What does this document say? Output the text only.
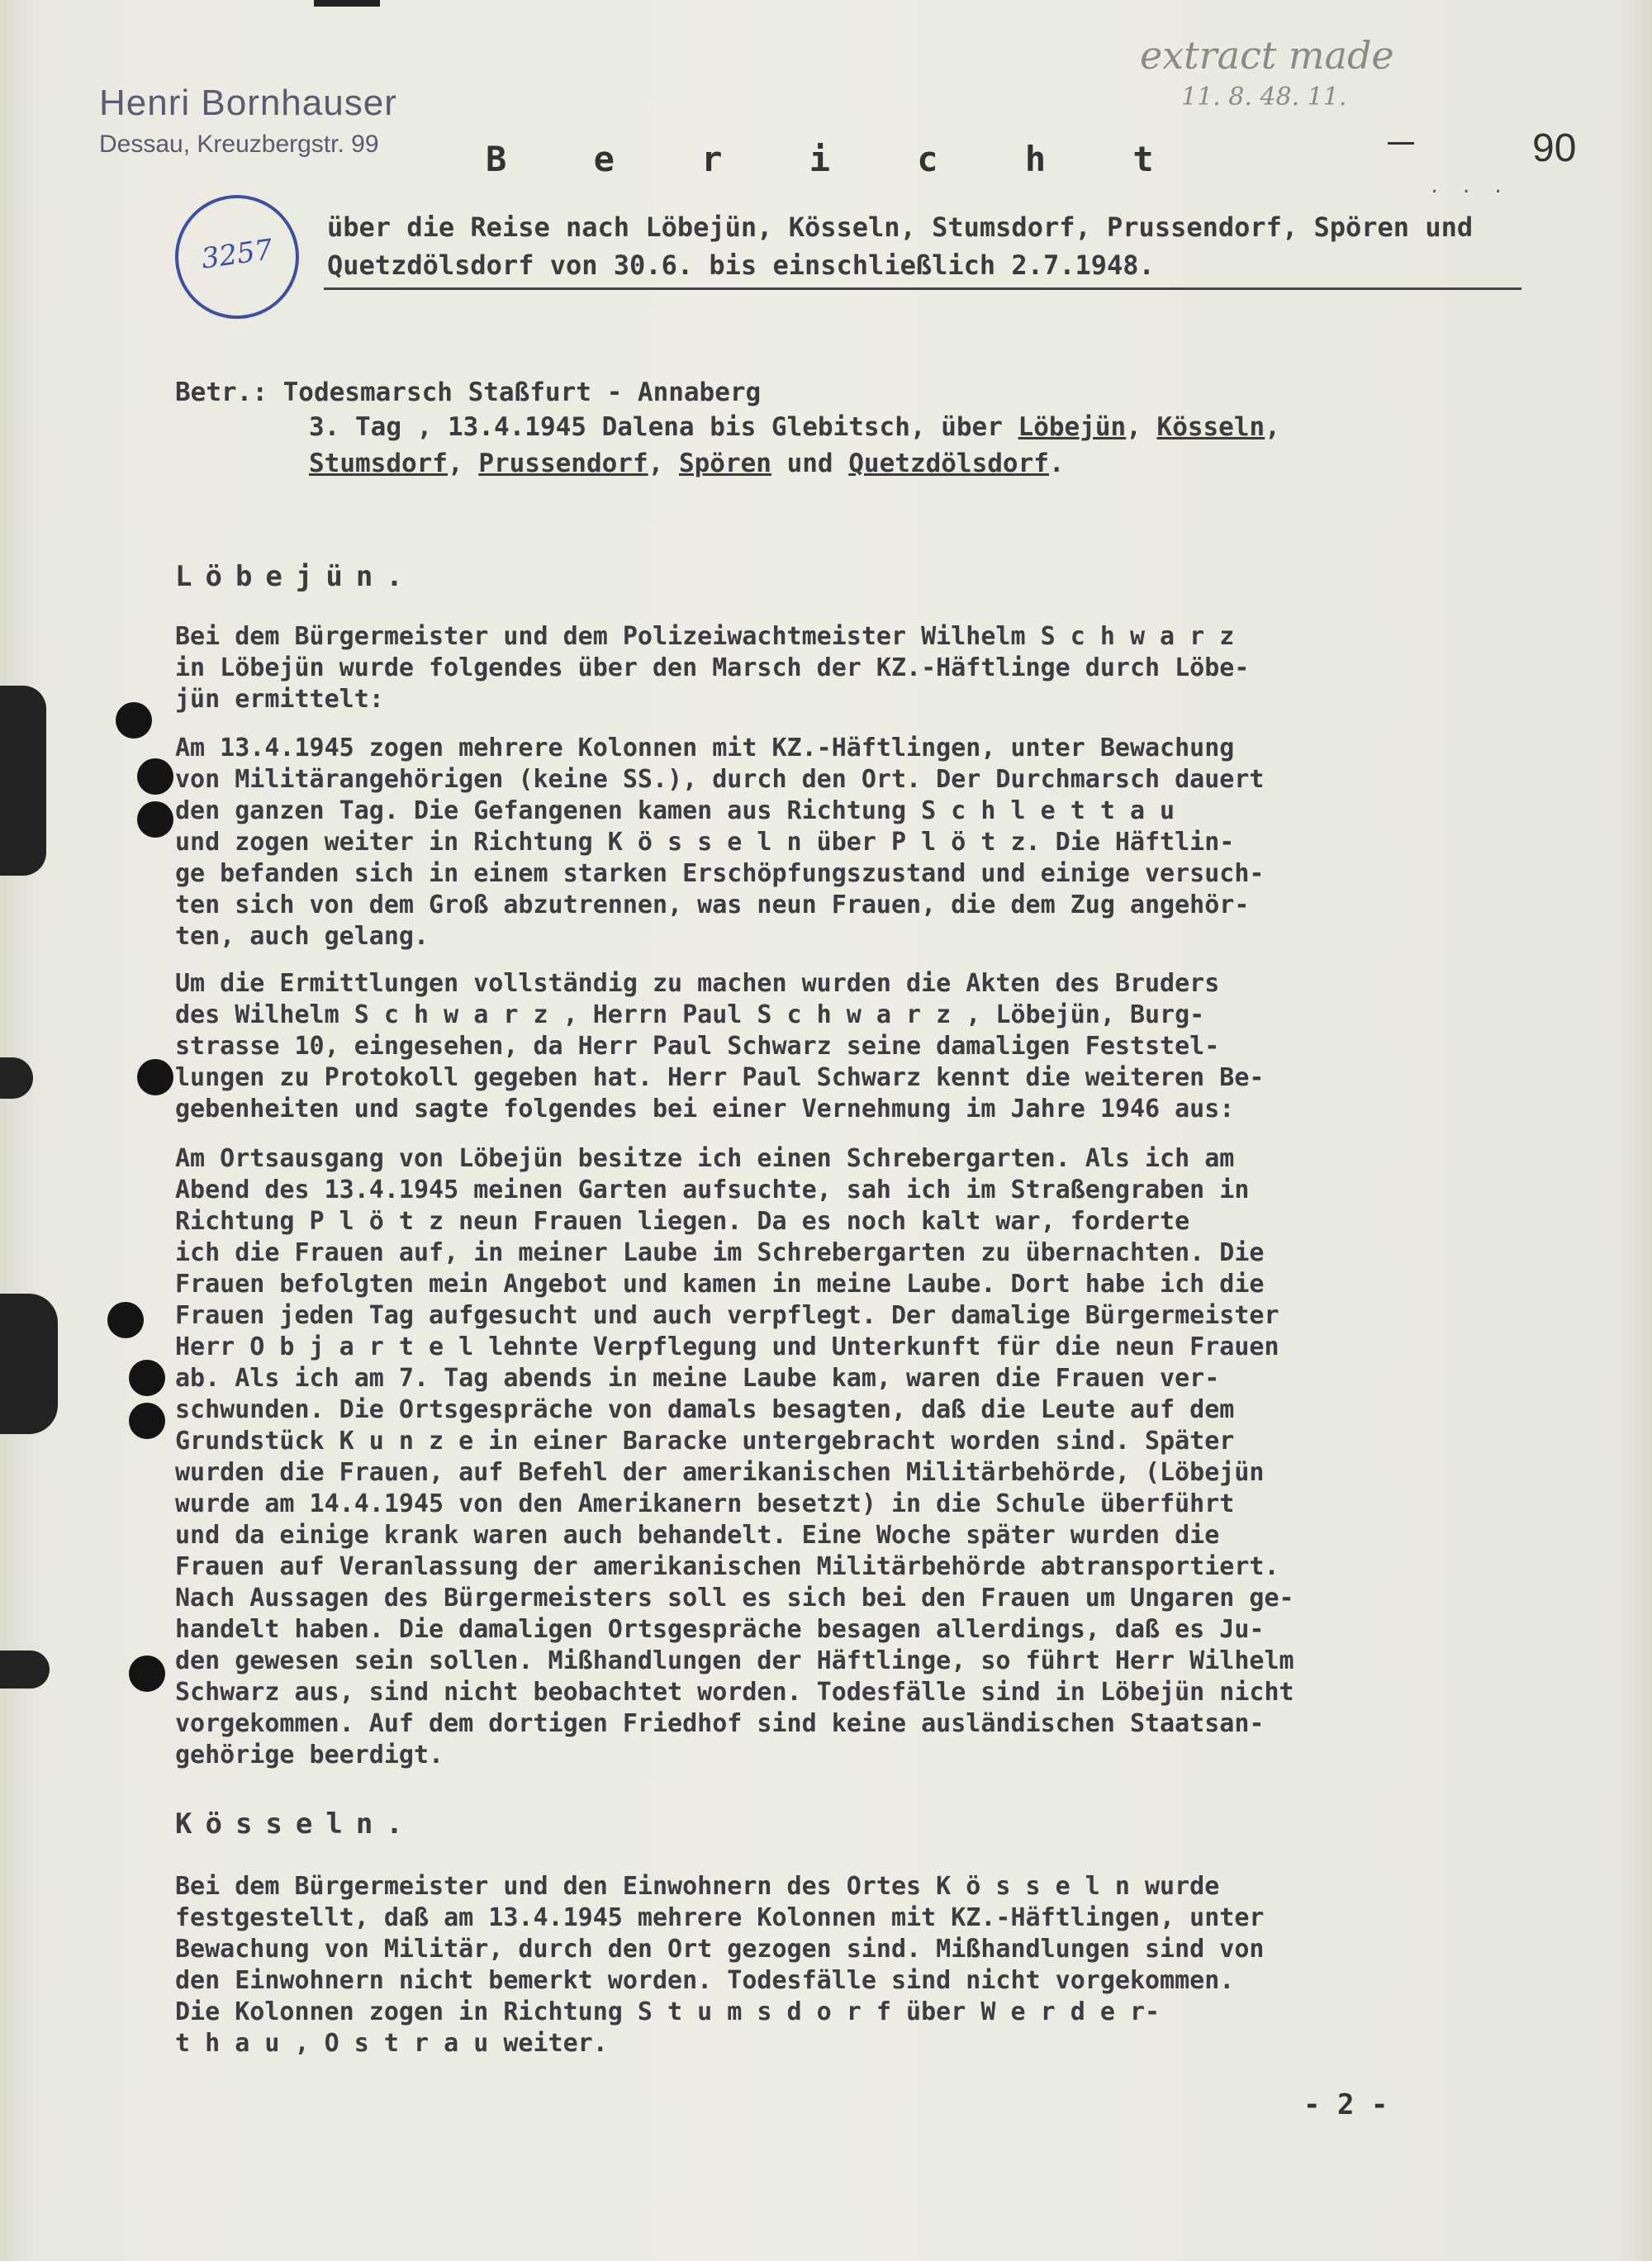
Henri Bornhauser
Dessau, Kreuzbergstr. 99
extract made
11. 8. 48. 11.
90
. . .
3257
B e r i c h t
über die Reise nach Löbejün, Kösseln, Stumsdorf, Prussendorf, Spören und Quetzdölsdorf von 30.6. bis einschließlich 2.7.1948.
Betr.: Todesmarsch Staßfurt - Annaberg
3. Tag , 13.4.1945 Dalena bis Glebitsch, über Löbejün, Kösseln,
Stumsdorf, Prussendorf, Spören und Quetzdölsdorf.
Löbejün.
Bei dem Bürgermeister und dem Polizeiwachtmeister Wilhelm S c h w a r z
in Löbejün wurde folgendes über den Marsch der KZ.-Häftlinge durch Löbe-
jün ermittelt:
Am 13.4.1945 zogen mehrere Kolonnen mit KZ.-Häftlingen, unter Bewachung
von Militärangehörigen (keine SS.), durch den Ort. Der Durchmarsch dauert
den ganzen Tag. Die Gefangenen kamen aus Richtung S c h l e t t a u
und zogen weiter in Richtung K ö s s e l n über P l ö t z. Die Häftlin-
ge befanden sich in einem starken Erschöpfungszustand und einige versuch-
ten sich von dem Groß abzutrennen, was neun Frauen, die dem Zug angehör-
ten, auch gelang.
Um die Ermittlungen vollständig zu machen wurden die Akten des Bruders
des Wilhelm S c h w a r z , Herrn Paul S c h w a r z , Löbejün, Burg-
strasse 10, eingesehen, da Herr Paul Schwarz seine damaligen Feststel-
lungen zu Protokoll gegeben hat. Herr Paul Schwarz kennt die weiteren Be-
gebenheiten und sagte folgendes bei einer Vernehmung im Jahre 1946 aus:
Am Ortsausgang von Löbejün besitze ich einen Schrebergarten. Als ich am
Abend des 13.4.1945 meinen Garten aufsuchte, sah ich im Straßengraben in
Richtung P l ö t z neun Frauen liegen. Da es noch kalt war, forderte
ich die Frauen auf, in meiner Laube im Schrebergarten zu übernachten. Die
Frauen befolgten mein Angebot und kamen in meine Laube. Dort habe ich die
Frauen jeden Tag aufgesucht und auch verpflegt. Der damalige Bürgermeister
Herr O b j a r t e l lehnte Verpflegung und Unterkunft für die neun Frauen
ab. Als ich am 7. Tag abends in meine Laube kam, waren die Frauen ver-
schwunden. Die Ortsgespräche von damals besagten, daß die Leute auf dem
Grundstück K u n z e in einer Baracke untergebracht worden sind. Später
wurden die Frauen, auf Befehl der amerikanischen Militärbehörde, (Löbejün
wurde am 14.4.1945 von den Amerikanern besetzt) in die Schule überführt
und da einige krank waren auch behandelt. Eine Woche später wurden die
Frauen auf Veranlassung der amerikanischen Militärbehörde abtransportiert.
Nach Aussagen des Bürgermeisters soll es sich bei den Frauen um Ungaren ge-
handelt haben. Die damaligen Ortsgespräche besagen allerdings, daß es Ju-
den gewesen sein sollen. Mißhandlungen der Häftlinge, so führt Herr Wilhelm
Schwarz aus, sind nicht beobachtet worden. Todesfälle sind in Löbejün nicht
vorgekommen. Auf dem dortigen Friedhof sind keine ausländischen Staatsan-
gehörige beerdigt.
Kösseln.
Bei dem Bürgermeister und den Einwohnern des Ortes K ö s s e l n wurde
festgestellt, daß am 13.4.1945 mehrere Kolonnen mit KZ.-Häftlingen, unter
Bewachung von Militär, durch den Ort gezogen sind. Mißhandlungen sind von
den Einwohnern nicht bemerkt worden. Todesfälle sind nicht vorgekommen.
Die Kolonnen zogen in Richtung S t u m s d o r f über W e r d e r-
t h a u , O s t r a u weiter.
- 2 -
